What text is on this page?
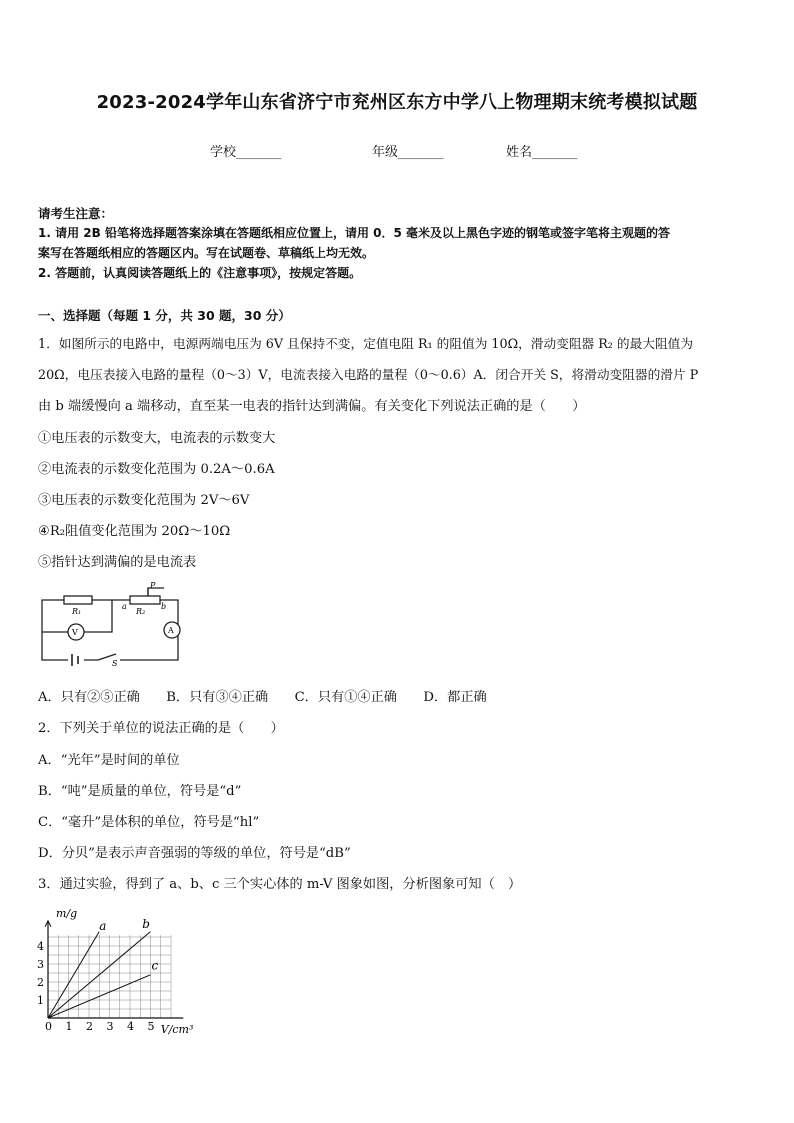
2023-2024学年山东省济宁市兖州区东方中学八上物理期末统考模拟试题
学校_______	年级_______	姓名_______
请考生注意：
1. 请用 2B 铅笔将选择题答案涂填在答题纸相应位置上，请用 0．5 毫米及以上黑色字迹的钢笔或签字笔将主观题的答
案写在答题纸相应的答题区内。写在试题卷、草稿纸上均无效。
2. 答题前，认真阅读答题纸上的《注意事项》，按规定答题。
一、选择题（每题 1 分，共 30 题，30 分）
1．如图所示的电路中，电源两端电压为 6V 且保持不变，定值电阻 R₁ 的阻值为 10Ω，滑动变阻器 R₂ 的最大阻值为
20Ω，电压表接入电路的量程（0～3）V，电流表接入电路的量程（0～0.6）A．闭合开关 S，将滑动变阻器的滑片 P
由 b 端缓慢向 a 端移动，直至某一电表的指针达到满偏。有关变化下列说法正确的是（　　）
①电压表的示数变大，电流表的示数变大
②电流表的示数变化范围为 0.2A～0.6A
③电压表的示数变化范围为 2V～6V
④R₂阻值变化范围为 20Ω～10Ω
⑤指针达到满偏的是电流表
R₁	R₂
P
a	b
V	A
S
A．只有②⑤正确　　B．只有③④正确　　C．只有①④正确　　D．都正确
2．下列关于单位的说法正确的是（　　）
A．“光年”是时间的单位
B．“吨”是质量的单位，符号是“d”
C．“毫升”是体积的单位，符号是“hl”
D．分贝”是表示声音强弱的等级的单位，符号是“dB”
3．通过实验，得到了 a、b、c 三个实心体的 m-V 图象如图，分析图象可知（　）
0 1 2 3 4 5
1
2
3
4
a	b
c
m/g
V/cm³
